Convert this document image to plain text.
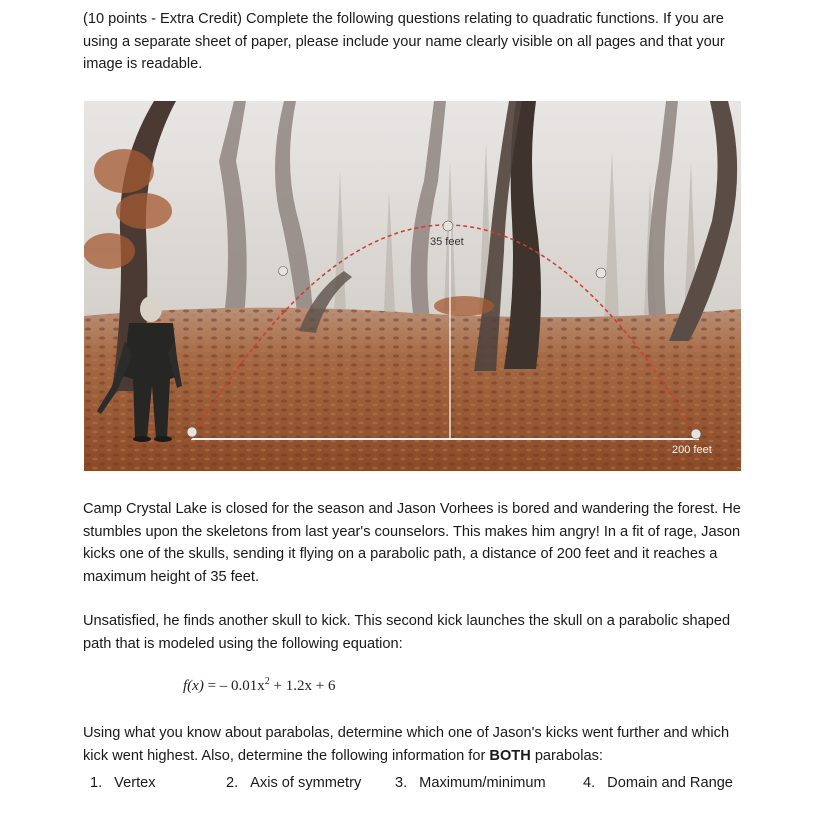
(10 points - Extra Credit) Complete the following questions relating to quadratic functions. If you are using a separate sheet of paper, please include your name clearly visible on all pages and that your image is readable.
35 feet
200 feet
Camp Crystal Lake is closed for the season and Jason Vorhees is bored and wandering the forest. He stumbles upon the skeletons from last year's counselors. This makes him angry! In a fit of rage, Jason kicks one of the skulls, sending it flying on a parabolic path, a distance of 200 feet and it reaches a maximum height of 35 feet.
Unsatisfied, he finds another skull to kick. This second kick launches the skull on a parabolic shaped path that is modeled using the following equation:
f(x) = – $0.01x^2 + 1.2x + 6$
Using what you know about parabolas, determine which one of Jason's kicks went further and which kick went highest. Also, determine the following information for BOTH parabolas:
1. Vertex	2. Axis of symmetry 3. Maximum/minimum	4. Domain and Range
